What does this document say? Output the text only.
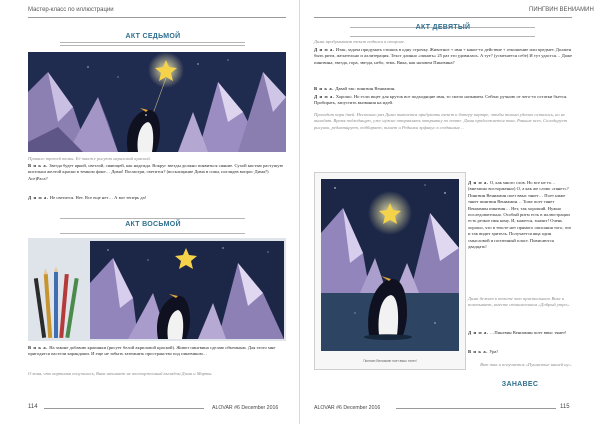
Мастер-класс по иллюстрации
АКТ СЕДЬМОЙ

Правило третей темы. Её также рисуют акриловой краской.

В и к а. Звезда будет яркой, светлой, сияющей, как надежда. Вокруг звезды должно появиться сияние. Сухой кистью растушую кисельки желтой краски в темном фоне… Дима! Посмотри, светится? (восклицание Дима в сомн, поглядев вопрос Дима?) Асе)Раса?

Д и м а. Не светится. Нет. Все еще нет… А вот теперь да!

АКТ ВОСЬМОЙ

В и к а. На законе добавлю крапинки (рисует белой акриловой краской). Живот пингвина сделаю объемным. Для этого мне пригодятся пастели карандаши. И еще не забыть затемнить пространство под пингвином…

О воня, что картинка получилась, Вика начинает не восторженный взглядом Дима и Марты.

114	ALOVAR #6 December 2016
ПИНГВИН ВЕНИАМИН
АКТ ДЕВЯТЫЙ

Дима продумывает текст подписи в стороне.

Д и м а. Итак, задача придумать стишок в одну строчку. Животное + имя + какое-то действие + отношение или предмет. Должен быть ритм, желательно и аллитерация. Текст длинно «пинать» 25 раз это удивилась. А тут? (усмехается себе) И тут удастся… Даже пингвина, звезда, гора, звезда, небо, земь. Вика, как назовем Пингвина?

В и к а. Давай так: пингвин Вениамин.

Д и м а. Хорошо. Но если ищет для круток все подходящие имя, то смело называем. Сейчас ручною от чего-то остатки бьется. Пробирать, запустить вызвания на идей.

Проходит пара дней. Несколько раз Дима пытается придумать текст к ботеру партре, чтобы только удачно остались, но не выходят. Время подходящую, уже нужно отправлять открытку по почте. Дима продолжается пока. Раньше всех. Складирует рисунок, редактирует, подбирает, пишет и Родники эрфикус в созданные…

Пингвин Вениамин поет ввыс тянет!

Д и м а. О, как много слов. Но все не то… (внезапно восторженно) О, а как же слово «тянет»? Пингвин Вениамин поет ввыс тянет… Поет ниже тянет пингвин Вениамин… Тоже поет тянет Вениамин пингвин… Нет, так хороший. Нужно последовательно. Особый ритм есть в иллюстрации есть резкое имя кому. И, кажется, значит! Очень хорошо, что в тексте нет прямого описания того, что и так видит зритель. Получается яща один смысловой и поэтичный пласт. Повисаются двадцать!

Дима бежит к тексте что пристального Вике и показывает, вместе становлением «Добрый утро».

Д и м а. …Пингвин Вениамин поет ввыс тянет!

В и к а. Ура!

Вот так и получается «Пушистые нашей ну».

ЗАНАВЕС
ALOVAR #6 December 2016	115
